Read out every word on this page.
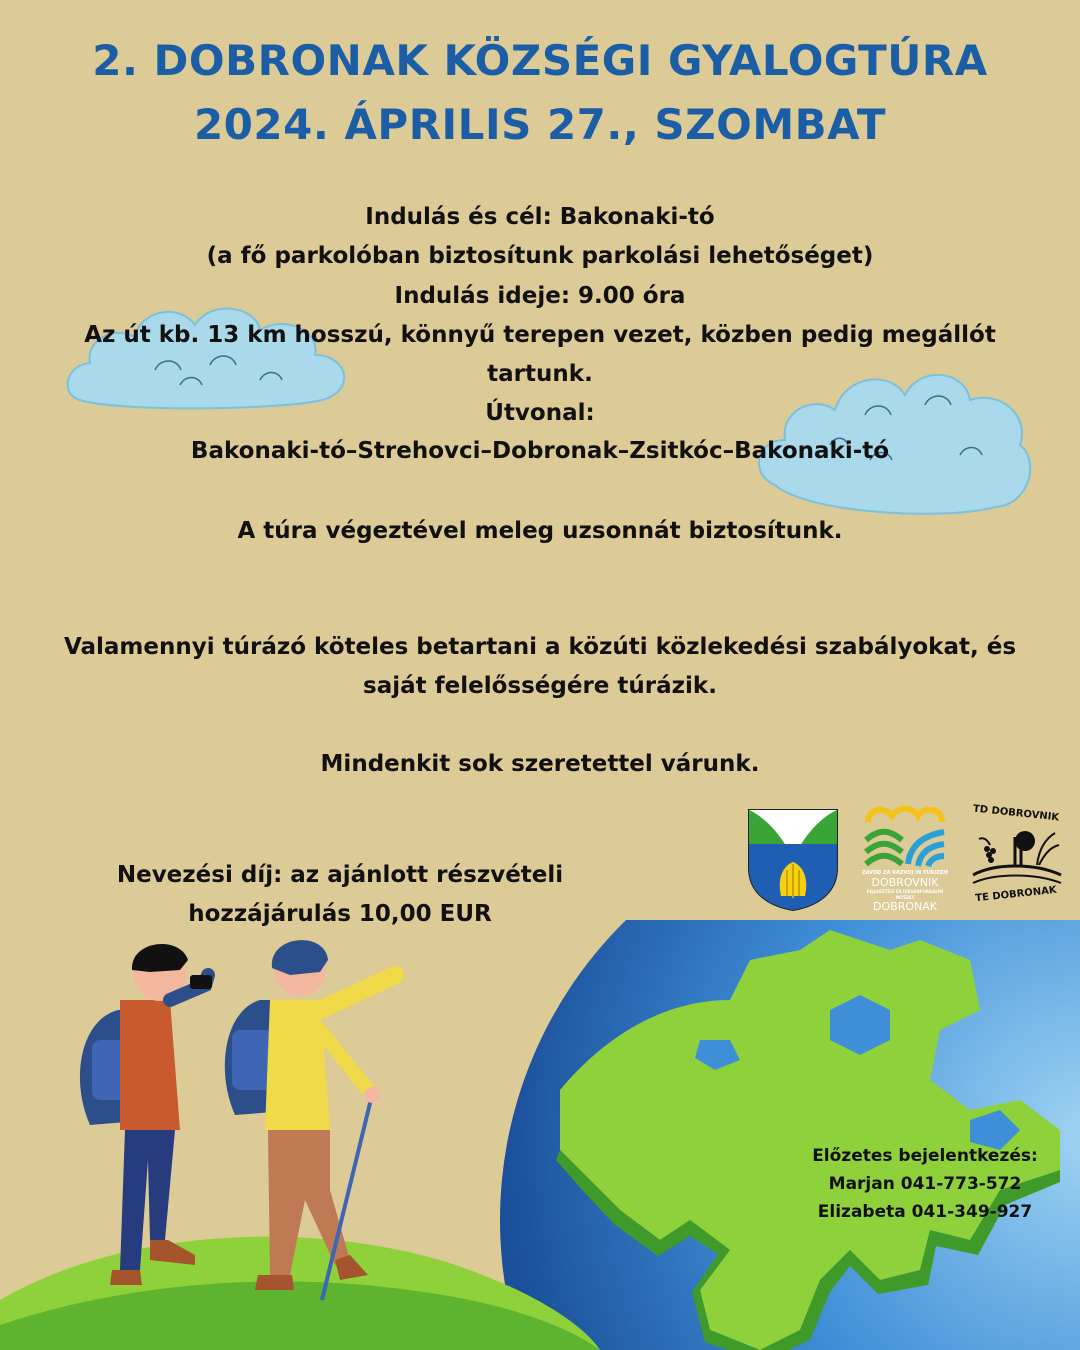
2. DOBRONAK KÖZSÉGI GYALOGTÚRA
2024. ÁPRILIS 27., SZOMBAT
Indulás és cél: Bakonaki-tó
(a fő parkolóban biztosítunk parkolási lehetőséget)
Indulás ideje: 9.00 óra
Az út kb. 13 km hosszú, könnyű terepen vezet, közben pedig megállót
tartunk.
Útvonal:
Bakonaki-tó–Strehovci–Dobronak–Zsitkóc–Bakonaki-tó
A túra végeztével meleg uzsonnát biztosítunk.
Valamennyi túrázó köteles betartani a közúti közlekedési szabályokat, és
saját felelősségére túrázik.
Mindenkit sok szeretettel várunk.
ZAVOD ZA RAZVOJ IN TURIZEM
DOBROVNIK
FEJLESZTÉSI ÉS IDEGENFORGALMI INTÉZET
DOBRONAK
TD DOBROVNIK
TE DOBRONAK
Nevezési díj: az ajánlott részvételi
hozzájárulás 10,00 EUR
Előzetes bejelentkezés:
Marjan 041-773-572
Elizabeta 041-349-927
